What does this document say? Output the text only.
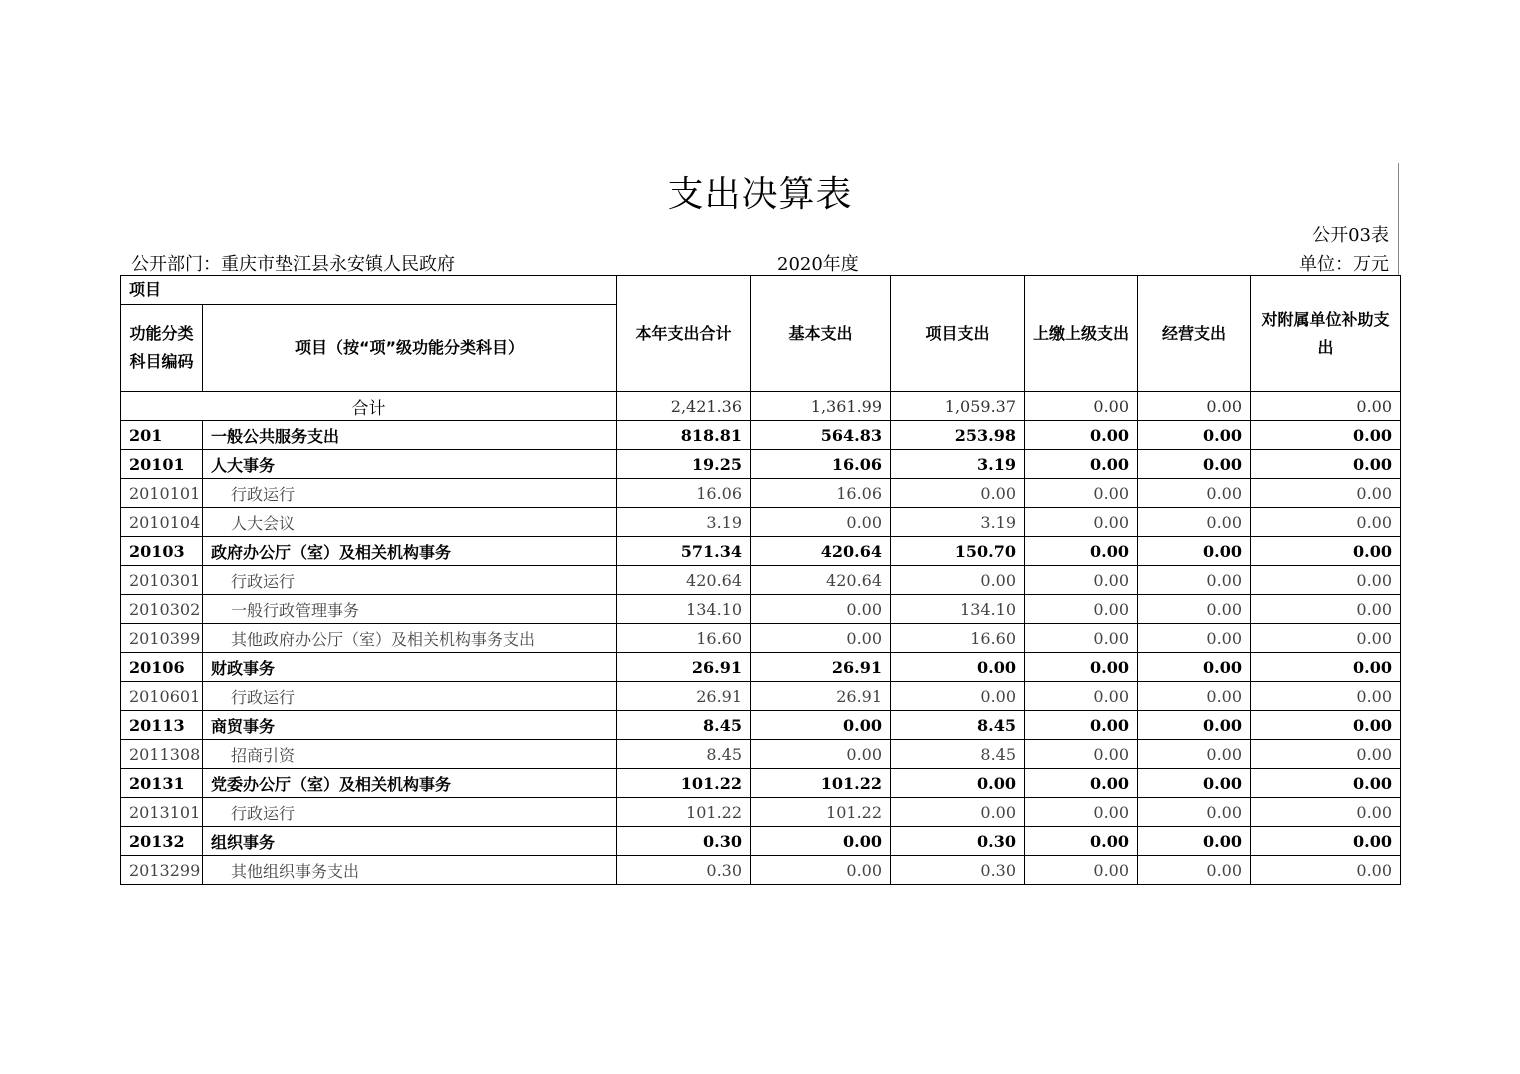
支出决算表
公开03表
公开部门：重庆市垫江县永安镇人民政府	2020年度	单位：万元
项目		本年支出合计	基本支出	项目支出	上缴上级支出	经营支出	对附属单位补助支出
功能分类科目编码	项目（按“项”级功能分类科目）						
合计		2,421.36	1,361.99	1,059.37	0.00	0.00	0.00
201	一般公共服务支出	818.81	564.83	253.98	0.00	0.00	0.00
20101	人大事务	19.25	16.06	3.19	0.00	0.00	0.00
2010101	行政运行	16.06	16.06	0.00	0.00	0.00	0.00
2010104	人大会议	3.19	0.00	3.19	0.00	0.00	0.00
20103	政府办公厅（室）及相关机构事务	571.34	420.64	150.70	0.00	0.00	0.00
2010301	行政运行	420.64	420.64	0.00	0.00	0.00	0.00
2010302	一般行政管理事务	134.10	0.00	134.10	0.00	0.00	0.00
2010399	其他政府办公厅（室）及相关机构事务支出	16.60	0.00	16.60	0.00	0.00	0.00
20106	财政事务	26.91	26.91	0.00	0.00	0.00	0.00
2010601	行政运行	26.91	26.91	0.00	0.00	0.00	0.00
20113	商贸事务	8.45	0.00	8.45	0.00	0.00	0.00
2011308	招商引资	8.45	0.00	8.45	0.00	0.00	0.00
20131	党委办公厅（室）及相关机构事务	101.22	101.22	0.00	0.00	0.00	0.00
2013101	行政运行	101.22	101.22	0.00	0.00	0.00	0.00
20132	组织事务	0.30	0.00	0.30	0.00	0.00	0.00
2013299	其他组织事务支出	0.30	0.00	0.30	0.00	0.00	0.00
